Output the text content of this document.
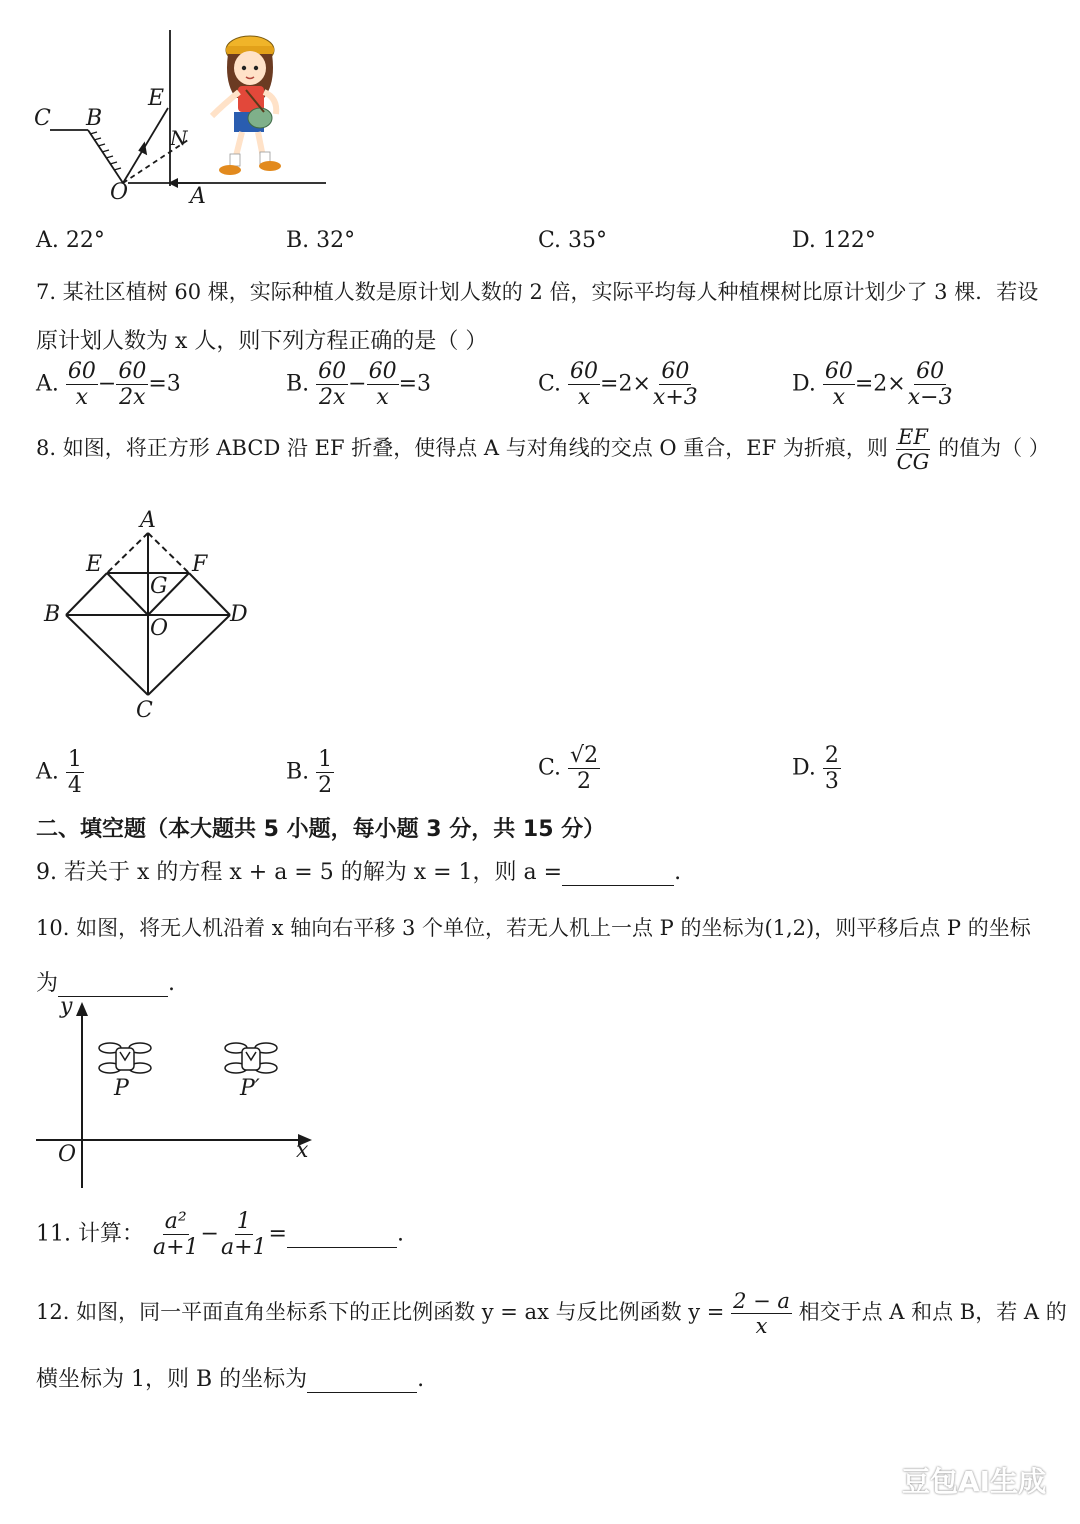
C B
E
N
O	A
A. 22°	B. 32°	C. 35°	D. 122°
7. 某社区植树 60 棵，实际种植人数是原计划人数的 2 倍，实际平均每人种植棵树比原计划少了 3 棵．若设
原计划人数为 x 人，则下列方程正确的是（ ）
A. $\frac{60}{x} - \frac{60}{2x} =3$	B. $\frac{60}{2x} - \frac{60}{x} =3$	C. $\frac{60}{x} =2\times \frac{60}{x+3}$	D. $\frac{60}{x} =2\times \frac{60}{x-3}$
8. 如图，将正方形 ABCD 沿 EF 折叠，使得点 A 与对角线的交点 O 重合，EF 为折痕，则 $\frac{EF}{CG}$ 的值为（ ）
A
E	F
G
B
O
D
C
A. $\frac{1}{4}$	B. $\frac{1}{2}$	C. $\frac{√2}{2}$	D. $\frac{2}{3}$
二、填空题（本大题共 5 小题，每小题 3 分，共 15 分）
9. 若关于 x 的方程 x + a = 5 的解为 x = 1，则 a =	.
10. 如图，将无人机沿着 x 轴向右平移 3 个单位，若无人机上一点 P 的坐标为(1,2)，则平移后点 P 的坐标
为	.
y
x
O
P	P′
11. 计算： $\frac{\text{a²}}{a+1} - \frac{1}{a+1}$ =	.
12. 如图，同一平面直角坐标系下的正比例函数 y = ax 与反比例函数 $y = \frac{2 - a}{x}$ 相交于点 A 和点 B，若 A 的
横坐标为 1，则 B 的坐标为	.
豆包AI生成
